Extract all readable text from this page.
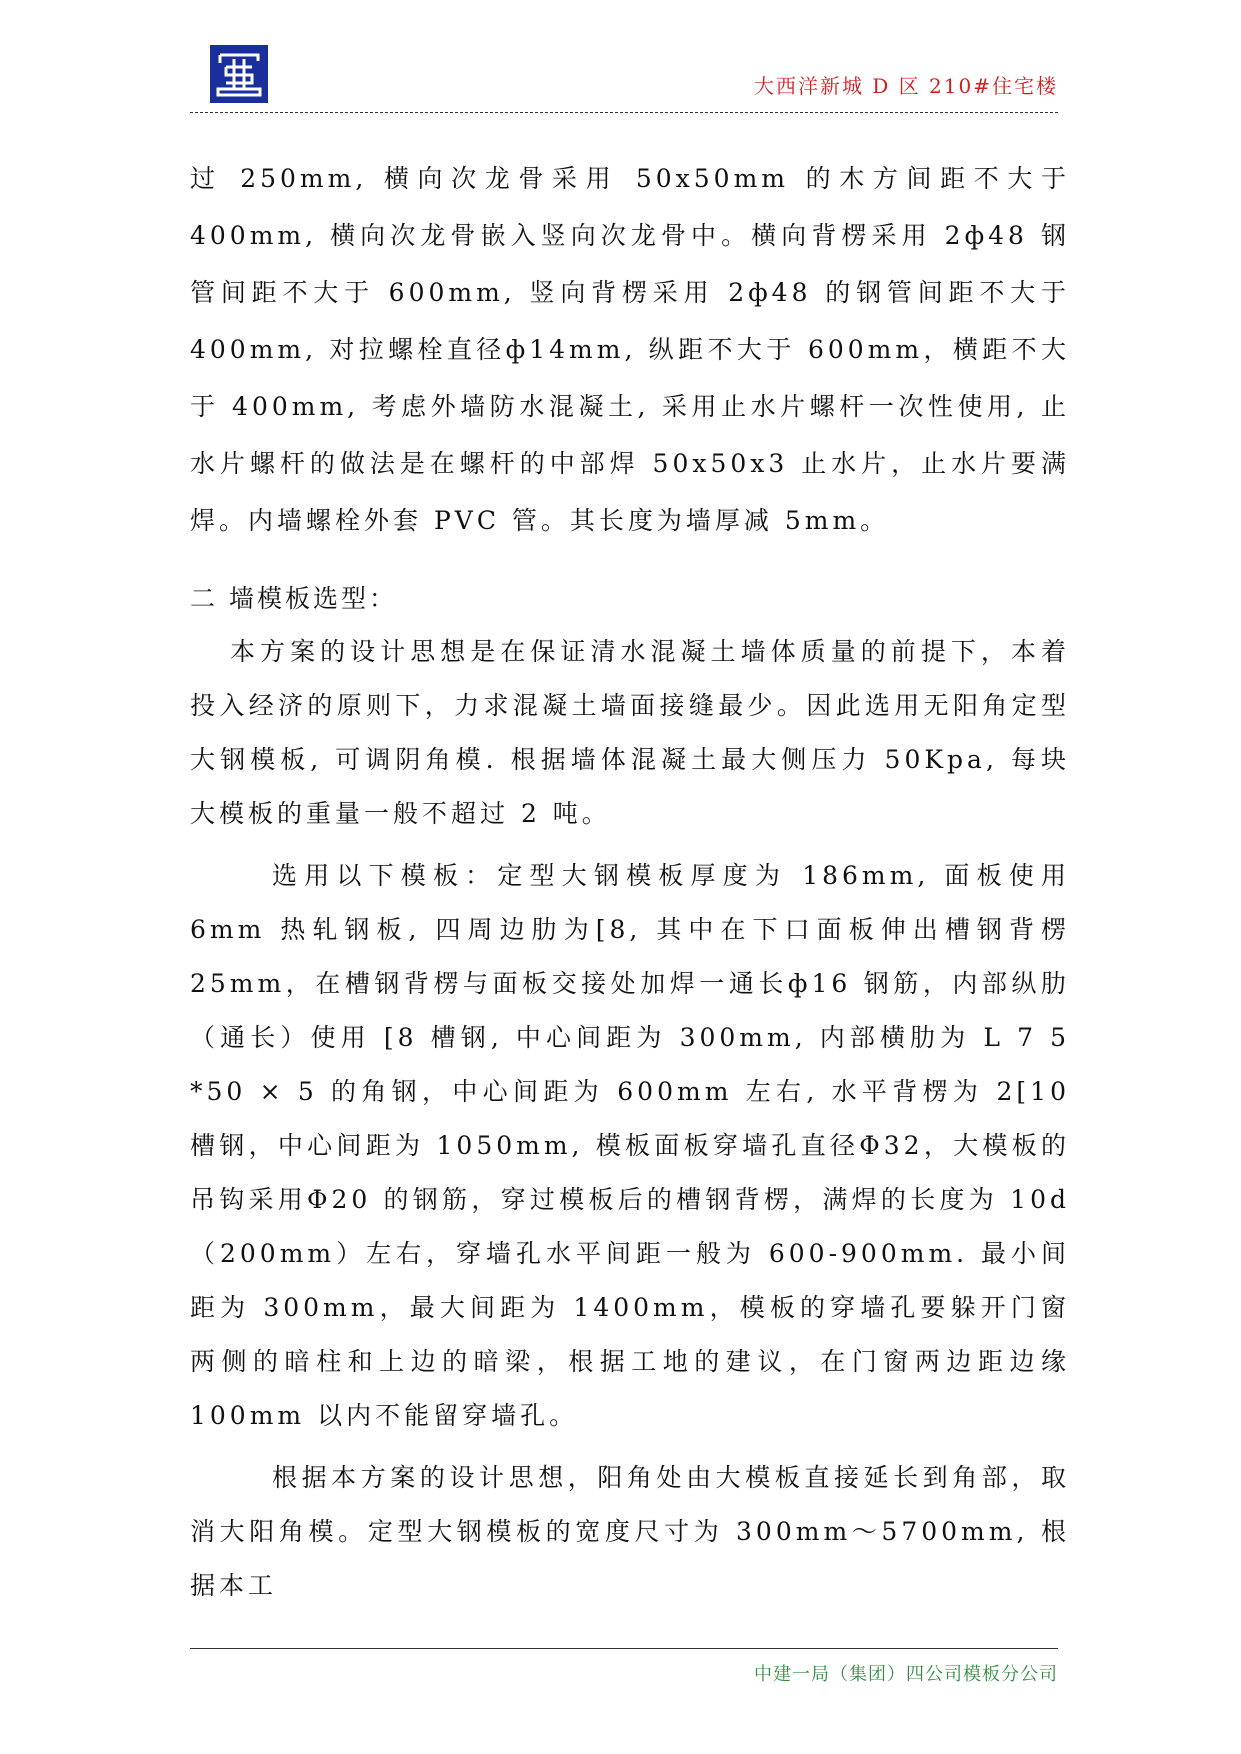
大西洋新城 D 区 210#住宅楼

过 250mm, 横向次龙骨采用 50x50mm 的木方间距不大于 400mm, 横向次龙骨嵌入竖向次龙骨中。横向背楞采用 2ф48 钢管间距不大于 600mm, 竖向背楞采用 2ф48 的钢管间距不大于 400mm, 对拉螺栓直径ф14mm, 纵距不大于 600mm，横距不大于 400mm, 考虑外墙防水混凝土, 采用止水片螺杆一次性使用, 止水片螺杆的做法是在螺杆的中部焊 50x50x3 止水片，止水片要满焊。内墙螺栓外套 PVC 管。其长度为墙厚减 5mm。

二 墙模板选型：

本方案的设计思想是在保证清水混凝土墙体质量的前提下，本着投入经济的原则下，力求混凝土墙面接缝最少。因此选用无阳角定型大钢模板, 可调阴角模. 根据墙体混凝土最大侧压力 50Kpa, 每块大模板的重量一般不超过 2 吨。

选用以下模板：定型大钢模板厚度为 186mm, 面板使用 6mm 热轧钢板, 四周边肋为[8, 其中在下口面板伸出槽钢背楞 25mm，在槽钢背楞与面板交接处加焊一通长ф16 钢筋，内部纵肋（通长）使用 [8 槽钢, 中心间距为 300mm, 内部横肋为 L 7 5 *50 × 5 的角钢，中心间距为 600mm 左右, 水平背楞为 2[10 槽钢，中心间距为 1050mm, 模板面板穿墙孔直径Φ32，大模板的吊钩采用Φ20 的钢筋，穿过模板后的槽钢背楞，满焊的长度为 10d（200mm）左右，穿墙孔水平间距一般为 600-900mm. 最小间距为 300mm，最大间距为 1400mm，模板的穿墙孔要躲开门窗两侧的暗柱和上边的暗梁，根据工地的建议，在门窗两边距边缘 100mm 以内不能留穿墙孔。

根据本方案的设计思想，阳角处由大模板直接延长到角部，取消大阳角模。定型大钢模板的宽度尺寸为 300mm～5700mm, 根据本工

中建一局（集团）四公司模板分公司
